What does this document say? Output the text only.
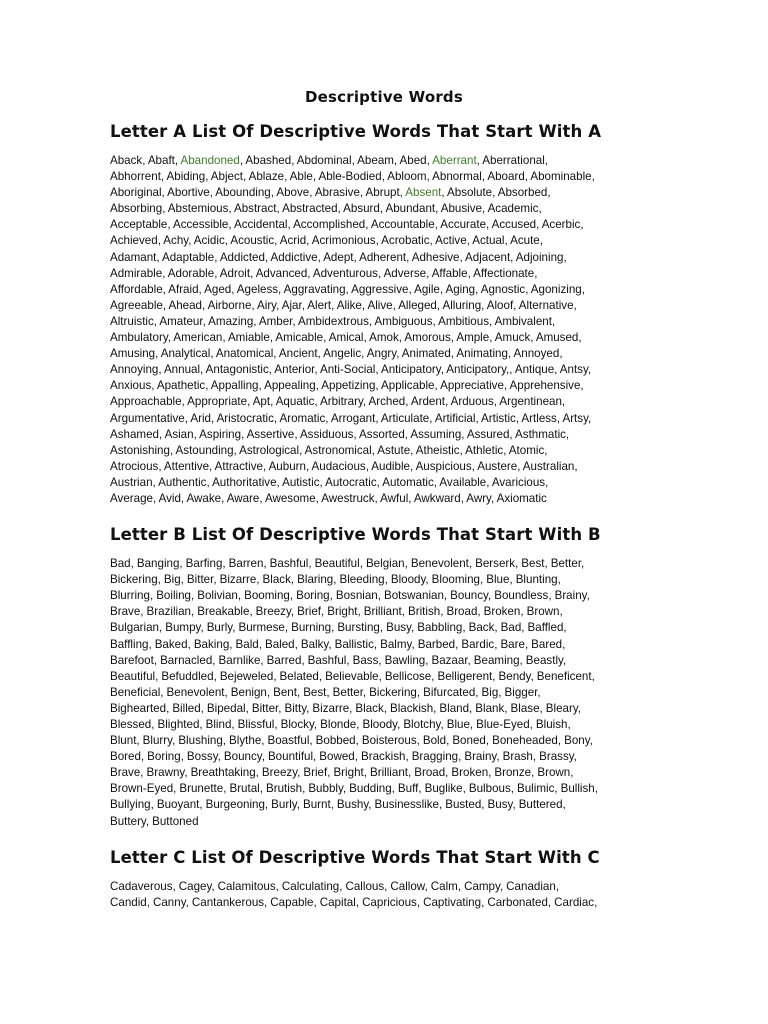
Descriptive Words
Letter A List Of Descriptive Words That Start With A
Aback, Abaft, Abandoned, Abashed, Abdominal, Abeam, Abed, Aberrant, Aberrational,
Abhorrent, Abiding, Abject, Ablaze, Able, Able-Bodied, Abloom, Abnormal, Aboard, Abominable,
Aboriginal, Abortive, Abounding, Above, Abrasive, Abrupt, Absent, Absolute, Absorbed,
Absorbing, Abstemious, Abstract, Abstracted, Absurd, Abundant, Abusive, Academic,
Acceptable, Accessible, Accidental, Accomplished, Accountable, Accurate, Accused, Acerbic,
Achieved, Achy, Acidic, Acoustic, Acrid, Acrimonious, Acrobatic, Active, Actual, Acute,
Adamant, Adaptable, Addicted, Addictive, Adept, Adherent, Adhesive, Adjacent, Adjoining,
Admirable, Adorable, Adroit, Advanced, Adventurous, Adverse, Affable, Affectionate,
Affordable, Afraid, Aged, Ageless, Aggravating, Aggressive, Agile, Aging, Agnostic, Agonizing,
Agreeable, Ahead, Airborne, Airy, Ajar, Alert, Alike, Alive, Alleged, Alluring, Aloof, Alternative,
Altruistic, Amateur, Amazing, Amber, Ambidextrous, Ambiguous, Ambitious, Ambivalent,
Ambulatory, American, Amiable, Amicable, Amical, Amok, Amorous, Ample, Amuck, Amused,
Amusing, Analytical, Anatomical, Ancient, Angelic, Angry, Animated, Animating, Annoyed,
Annoying, Annual, Antagonistic, Anterior, Anti-Social, Anticipatory, Anticipatory,, Antique, Antsy,
Anxious, Apathetic, Appalling, Appealing, Appetizing, Applicable, Appreciative, Apprehensive,
Approachable, Appropriate, Apt, Aquatic, Arbitrary, Arched, Ardent, Arduous, Argentinean,
Argumentative, Arid, Aristocratic, Aromatic, Arrogant, Articulate, Artificial, Artistic, Artless, Artsy,
Ashamed, Asian, Aspiring, Assertive, Assiduous, Assorted, Assuming, Assured, Asthmatic,
Astonishing, Astounding, Astrological, Astronomical, Astute, Atheistic, Athletic, Atomic,
Atrocious, Attentive, Attractive, Auburn, Audacious, Audible, Auspicious, Austere, Australian,
Austrian, Authentic, Authoritative, Autistic, Autocratic, Automatic, Available, Avaricious,
Average, Avid, Awake, Aware, Awesome, Awestruck, Awful, Awkward, Awry, Axiomatic
Letter B List Of Descriptive Words That Start With B
Bad, Banging, Barfing, Barren, Bashful, Beautiful, Belgian, Benevolent, Berserk, Best, Better,
Bickering, Big, Bitter, Bizarre, Black, Blaring, Bleeding, Bloody, Blooming, Blue, Blunting,
Blurring, Boiling, Bolivian, Booming, Boring, Bosnian, Botswanian, Bouncy, Boundless, Brainy,
Brave, Brazilian, Breakable, Breezy, Brief, Bright, Brilliant, British, Broad, Broken, Brown,
Bulgarian, Bumpy, Burly, Burmese, Burning, Bursting, Busy, Babbling, Back, Bad, Baffled,
Baffling, Baked, Baking, Bald, Baled, Balky, Ballistic, Balmy, Barbed, Bardic, Bare, Bared,
Barefoot, Barnacled, Barnlike, Barred, Bashful, Bass, Bawling, Bazaar, Beaming, Beastly,
Beautiful, Befuddled, Bejeweled, Belated, Believable, Bellicose, Belligerent, Bendy, Beneficent,
Beneficial, Benevolent, Benign, Bent, Best, Better, Bickering, Bifurcated, Big, Bigger,
Bighearted, Billed, Bipedal, Bitter, Bitty, Bizarre, Black, Blackish, Bland, Blank, Blase, Bleary,
Blessed, Blighted, Blind, Blissful, Blocky, Blonde, Bloody, Blotchy, Blue, Blue-Eyed, Bluish,
Blunt, Blurry, Blushing, Blythe, Boastful, Bobbed, Boisterous, Bold, Boned, Boneheaded, Bony,
Bored, Boring, Bossy, Bouncy, Bountiful, Bowed, Brackish, Bragging, Brainy, Brash, Brassy,
Brave, Brawny, Breathtaking, Breezy, Brief, Bright, Brilliant, Broad, Broken, Bronze, Brown,
Brown-Eyed, Brunette, Brutal, Brutish, Bubbly, Budding, Buff, Buglike, Bulbous, Bulimic, Bullish,
Bullying, Buoyant, Burgeoning, Burly, Burnt, Bushy, Businesslike, Busted, Busy, Buttered,
Buttery, Buttoned
Letter C List Of Descriptive Words That Start With C
Cadaverous, Cagey, Calamitous, Calculating, Callous, Callow, Calm, Campy, Canadian,
Candid, Canny, Cantankerous, Capable, Capital, Capricious, Captivating, Carbonated, Cardiac,
